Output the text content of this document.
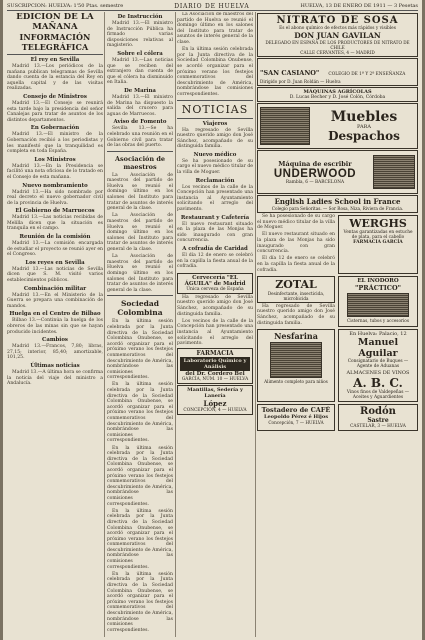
SUSCRIPCION: HUELVA: 1'50 Ptas. semestre	DIARIO DE HUELVA	HUELVA, 13 DE ENERO DE 1911 — 3 Pesetas
EDICION DE LA MAÑANA
INFORMACIÓN TELEGRÁFICA
El rey en Sevilla

Madrid 13.—Los periódicos de la mañana publican telegramas de Sevilla dando cuenta de la estancia del Rey en aquella capital y de las visitas realizadas.

Consejo de Ministros

Madrid 13.—El Consejo se reunirá esta tarde bajo la presidencia del señor Canalejas para tratar de asuntos de los distintos departamentos.

En Gobernación

Madrid 13.—El ministro de la Gobernación recibió a los periodistas y les manifestó que la tranquilidad es completa en toda España.

Los Ministros

Madrid 13.—En la Presidencia se facilitó una nota oficiosa de lo tratado en el Consejo de esta mañana.

Nuevo nombramiento

Madrid 13.—Ha sido nombrado por real decreto el nuevo gobernador civil de la provincia de Huelva.

El Gobierno de Marruecos

Madrid 13.—Las noticias recibidas de Melilla dicen que la situación es tranquila en el campo.

Reunión de la comisión

Madrid 13.—La comisión encargada de estudiar el proyecto se reunió ayer en el Congreso.

Los reyes en Sevilla

Madrid 13.—Las noticias de Sevilla dicen que S. M. visitó varios establecimientos públicos.

Combinación militar

Madrid 13.—En el Ministerio de la Guerra se prepara una combinación de mandos.

Huelga en el Centro de Bilbao

Bilbao 13.—Continúa la huelga de los obreros de las minas sin que se hayan producido incidentes.

Cambios

Madrid 13.—Francos, 7,80; libras, 27,15; interior, 85,40; amortizable, 101,25.

Últimas noticias

Madrid 13.—A última hora se confirma la noticia del viaje del ministro a Andalucía.

De Instrucción

Madrid 13.—El ministro de Instrucción Pública ha firmado varias disposiciones relativas al magisterio.

Sobre el cólera

Madrid 13.—Las noticias que se reciben del extranjero dan cuenta de que el cólera ha disminuido en Italia.

De Marina

Madrid 13.—El ministro de Marina ha dispuesto la salida del crucero para aguas de Marruecos.

Aviso de Fomento

Sevilla 13.—Se ha celebrado una reunión en el Gobierno civil para tratar de las obras del puerto.

Asociación de maestros

La Asociación de maestros del partido de Huelva se reunió el domingo último en los salones del Instituto para tratar de asuntos de interés general de la clase.

La Asociación de maestros del partido de Huelva se reunió el domingo último en los salones del Instituto para tratar de asuntos de interés general de la clase.

La Asociación de maestros del partido de Huelva se reunió el domingo último en los salones del Instituto para tratar de asuntos de interés general de la clase.

Sociedad Colombina

En la última sesión celebrada por la Junta directiva de la Sociedad Colombina Onubense, se acordó organizar para el próximo verano los festejos conmemorativos del descubrimiento de América, nombrándose las comisiones correspondientes.

En la última sesión celebrada por la Junta directiva de la Sociedad Colombina Onubense, se acordó organizar para el próximo verano los festejos conmemorativos del descubrimiento de América, nombrándose las comisiones correspondientes.

En la última sesión celebrada por la Junta directiva de la Sociedad Colombina Onubense, se acordó organizar para el próximo verano los festejos conmemorativos del descubrimiento de América, nombrándose las comisiones correspondientes.

En la última sesión celebrada por la Junta directiva de la Sociedad Colombina Onubense, se acordó organizar para el próximo verano los festejos conmemorativos del descubrimiento de América, nombrándose las comisiones correspondientes.

En la última sesión celebrada por la Junta directiva de la Sociedad Colombina Onubense, se acordó organizar para el próximo verano los festejos conmemorativos del descubrimiento de América, nombrándose las comisiones correspondientes.

La Asociación de maestros del partido de Huelva se reunió el domingo último en los salones del Instituto para tratar de asuntos de interés general de la clase.

En la última sesión celebrada por la Junta directiva de la Sociedad Colombina Onubense, se acordó organizar para el próximo verano los festejos conmemorativos del descubrimiento de América, nombrándose las comisiones correspondientes.

NOTICIAS
Viajeros

Ha regresado de Sevilla nuestro querido amigo don José Sánchez, acompañado de su distinguida familia.

Nuevo médico

Se ha posesionado de su cargo el nuevo médico titular de la villa de Moguer.

Reclamación

Los vecinos de la calle de la Concepción han presentado una instancia al Ayuntamiento solicitando el arreglo del pavimento.

Restaurant y Cafetería

El nuevo restaurant situado en la plaza de las Monjas ha sido inaugurado con gran concurrencia.

A cofradía de Caridad

El día 12 de enero se celebró en la capilla la fiesta anual de la cofradía.

Cervecería "EL ÁGUILA" de Madrid
Única cerveza de España

Ha regresado de Sevilla nuestro querido amigo don José Sánchez, acompañado de su distinguida familia.

Los vecinos de la calle de la Concepción han presentado una instancia al Ayuntamiento solicitando el arreglo del pavimento.

FARMACIA
Laboratorio Químico y Análisis
del Dr. Cordero Bel
GARCÍA, NÚM. 10 — HUELVA
Mantillas, Sedería y Lanería
López
CONCEPCIÓN, 4 — HUELVA
NITRATO DE SOSA
Es el abono químico de efectos más rápidos y visibles
DON JUAN GAVILAN
DELEGADO EN ESPAÑA DE LOS PRODUCTORES DE NITRATO DE CHILE
CALLE CERVANTES, 4 — MADRID
"SAN CASIANO" COLEGIO DE 1ª Y 2ª ENSEÑANZA
Dirigido por D. Juan Roldán — Huelva
MÁQUINAS AGRÍCOLAS
D. Lucas Becher y D. José Colón, Córdoba
Muebles
PARA
Despachos
Máquina de escribir
UNDERWOOD
Rambla, 6 — BARCELONA
English Ladies School in France
Colegio para Señoritas. — Sor Rosa, Niza, Riviera de Francia.

Se ha posesionado de su cargo el nuevo médico titular de la villa de Moguer.

El nuevo restaurant situado en la plaza de las Monjas ha sido inaugurado con gran concurrencia.

El día 12 de enero se celebró en la capilla la fiesta anual de la cofradía.

WERGHS
Ventas garantizadas en estuche de plata, para el cabello
FARMACIA GARCÍA
ZOTAL
Desinfectante, insecticida, microbicida

Ha regresado de Sevilla nuestro querido amigo don José Sánchez, acompañado de su distinguida familia.

EL INODORO
"PRÁCTICO"
Cisternas, tubos y accesorios
Nesfarina
Alimento completo para niños
En Huelva: Palacio, 12
Manuel Aguilar
Consignatario de Buques — Agente de Aduanas
ALMACENES DE VINOS
A. B. C.
Vinos finos de Valdepeñas — Aceites y Aguardientes
Tostadero de CAFÉ
Leopoldo Pérez é Hijos
Concepción, 7 — HUELVA
Rodón
Sastre
CASTELAR, 3 — HUELVA
